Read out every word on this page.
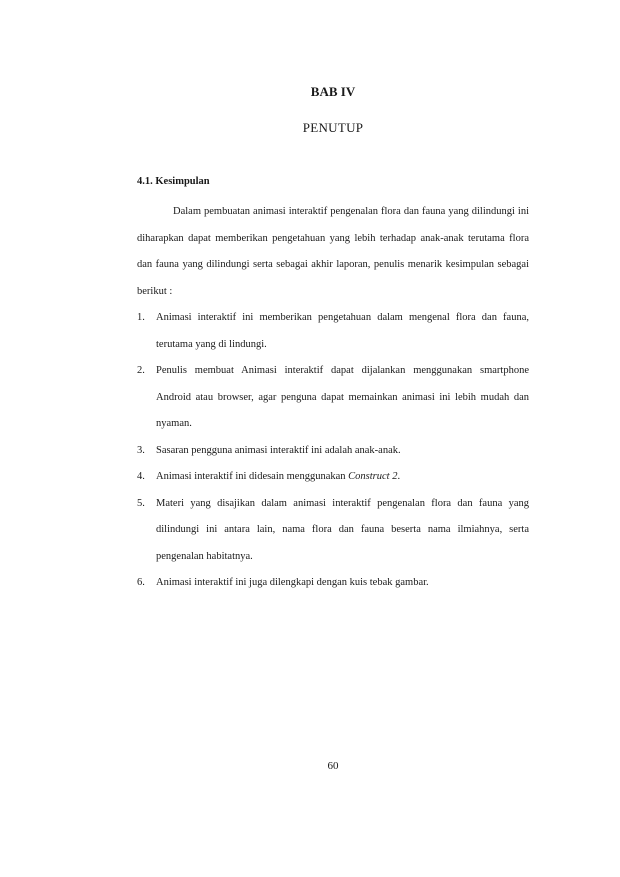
BAB IV
PENUTUP
4.1. Kesimpulan

Dalam pembuatan animasi interaktif pengenalan flora dan fauna yang dilindungi ini diharapkan dapat memberikan pengetahuan yang lebih terhadap anak-anak terutama flora dan fauna yang dilindungi serta sebagai akhir laporan, penulis menarik kesimpulan sebagai berikut :

1. Animasi interaktif ini memberikan pengetahuan dalam mengenal flora dan fauna, terutama yang di lindungi.
2. Penulis membuat Animasi interaktif dapat dijalankan menggunakan smartphone Android atau browser, agar penguna dapat memainkan animasi ini lebih mudah dan nyaman.
3. Sasaran pengguna animasi interaktif ini adalah anak-anak.
4. Animasi interaktif ini didesain menggunakan Construct 2.
5. Materi yang disajikan dalam animasi interaktif pengenalan flora dan fauna yang dilindungi ini antara lain, nama flora dan fauna beserta nama ilmiahnya, serta pengenalan habitatnya.
6. Animasi interaktif ini juga dilengkapi dengan kuis tebak gambar.
60
